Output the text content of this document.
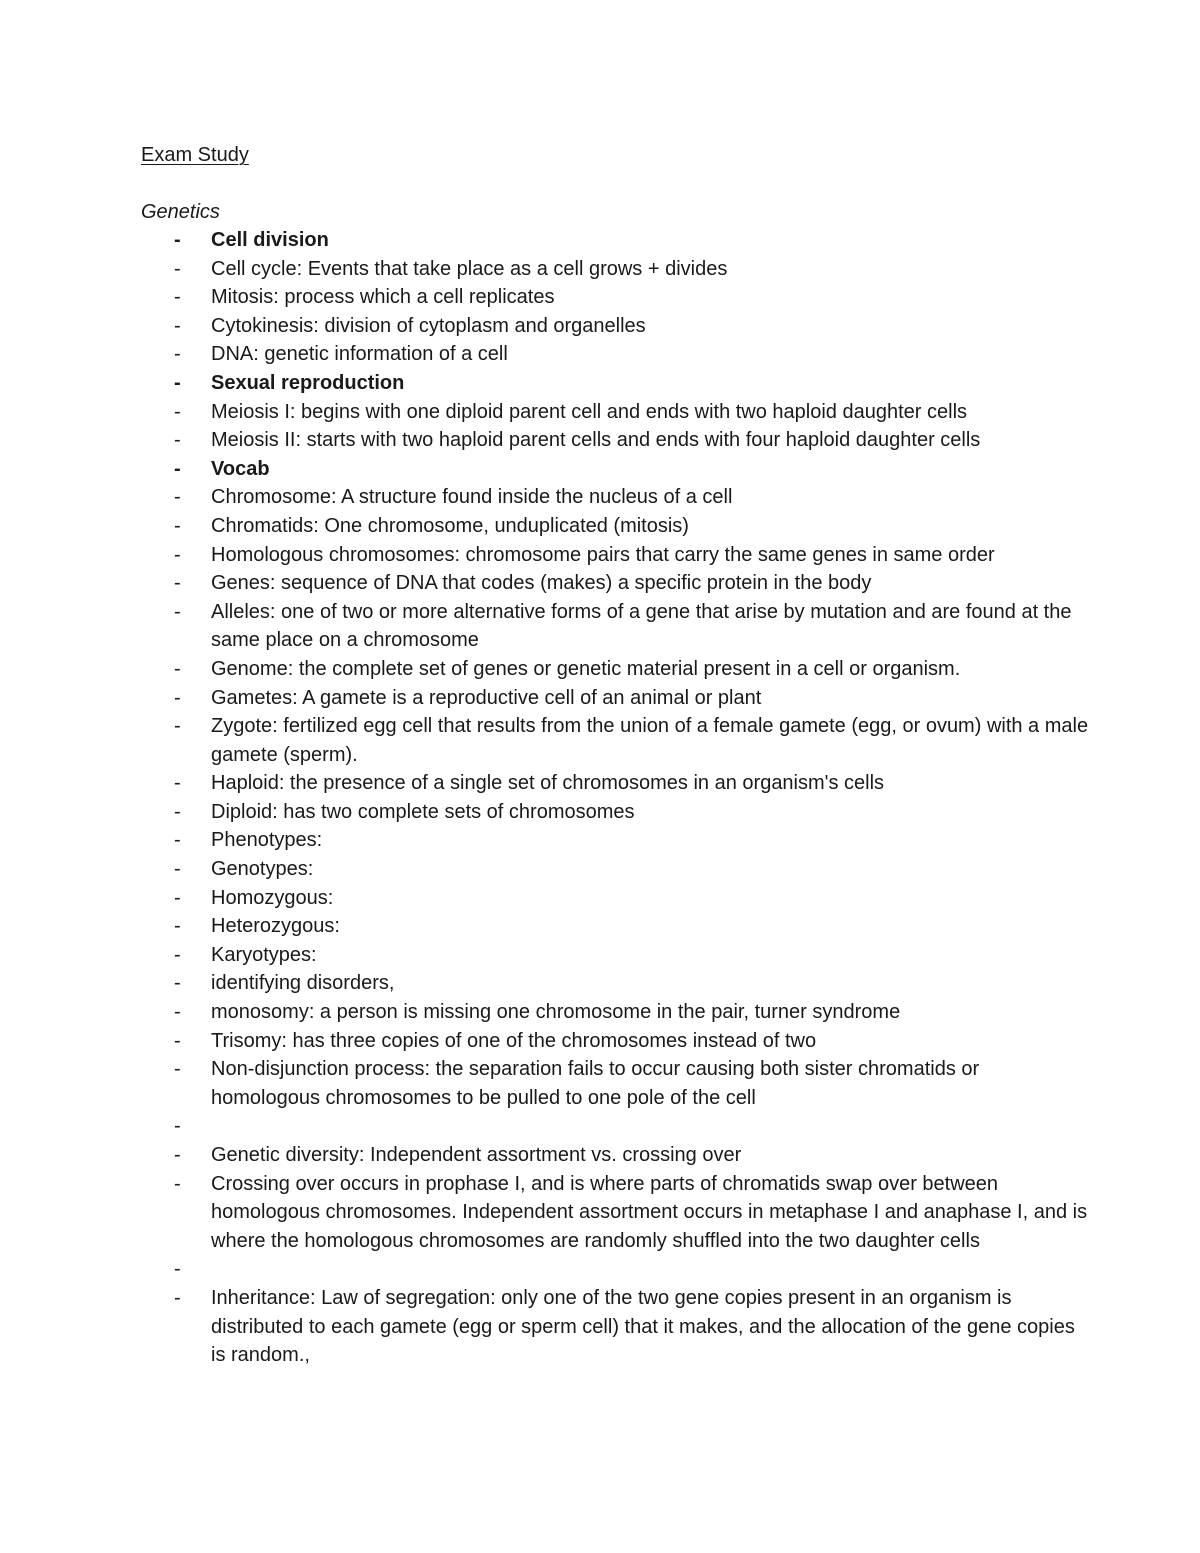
Exam Study
Genetics
-	Cell division
-	Cell cycle: Events that take place as a cell grows + divides
-	Mitosis: process which a cell replicates
-	Cytokinesis: division of cytoplasm and organelles
-	DNA: genetic information of a cell
-	Sexual reproduction
-	Meiosis I: begins with one diploid parent cell and ends with two haploid daughter cells
-	Meiosis II: starts with two haploid parent cells and ends with four haploid daughter cells
-	Vocab
-	Chromosome: A structure found inside the nucleus of a cell
-	Chromatids: One chromosome, unduplicated (mitosis)
-	Homologous chromosomes: chromosome pairs that carry the same genes in same order
-	Genes: sequence of DNA that codes (makes) a specific protein in the body
-	Alleles: one of two or more alternative forms of a gene that arise by mutation and are found at the same place on a chromosome
-	Genome: the complete set of genes or genetic material present in a cell or organism.
-	Gametes: A gamete is a reproductive cell of an animal or plant
-	Zygote: fertilized egg cell that results from the union of a female gamete (egg, or ovum) with a male gamete (sperm).
-	Haploid: the presence of a single set of chromosomes in an organism's cells
-	Diploid: has two complete sets of chromosomes
-	Phenotypes:
-	Genotypes:
-	Homozygous:
-	Heterozygous:
-	Karyotypes:
-	identifying disorders,
-	monosomy: a person is missing one chromosome in the pair, turner syndrome
-	Trisomy: has three copies of one of the chromosomes instead of two
-	Non-disjunction process: the separation fails to occur causing both sister chromatids or homologous chromosomes to be pulled to one pole of the cell
-
-	Genetic diversity: Independent assortment vs. crossing over
-	Crossing over occurs in prophase I, and is where parts of chromatids swap over between homologous chromosomes. Independent assortment occurs in metaphase I and anaphase I, and is where the homologous chromosomes are randomly shuffled into the two daughter cells
-
-	Inheritance: Law of segregation: only one of the two gene copies present in an organism is distributed to each gamete (egg or sperm cell) that it makes, and the allocation of the gene copies is random.,
